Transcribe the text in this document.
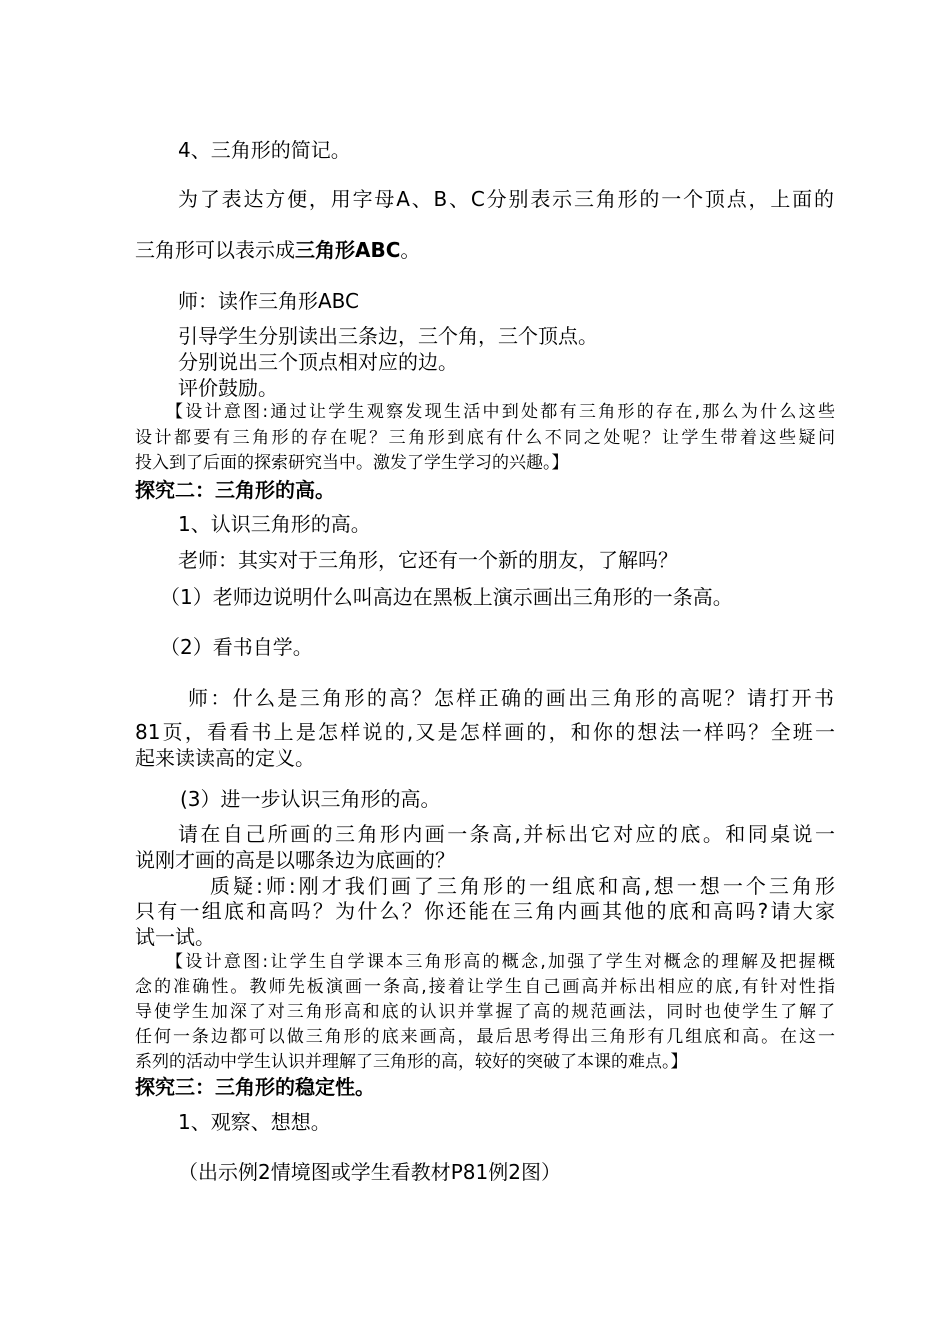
4、三角形的简记。
为了表达方便，用字母A、B、C分别表示三角形的一个顶点，上面的
三角形可以表示成三角形ABC。
师：读作三角形ABC
引导学生分别读出三条边，三个角，三个顶点。
分别说出三个顶点相对应的边。
评价鼓励。
【设计意图:通过让学生观察发现生活中到处都有三角形的存在,那么为什么这些
设计都要有三角形的存在呢？三角形到底有什么不同之处呢？让学生带着这些疑问
投入到了后面的探索研究当中。激发了学生学习的兴趣。】
探究二：三角形的高。
1、认识三角形的高。
老师：其实对于三角形，它还有一个新的朋友，了解吗？
（1）老师边说明什么叫高边在黑板上演示画出三角形的一条高。
（2）看书自学。
师：什么是三角形的高？怎样正确的画出三角形的高呢？请打开书
81页，看看书上是怎样说的,又是怎样画的，和你的想法一样吗？全班一
起来读读高的定义。
(3）进一步认识三角形的高。
请在自己所画的三角形内画一条高,并标出它对应的底。和同桌说一
说刚才画的高是以哪条边为底画的？
质疑:师:刚才我们画了三角形的一组底和高,想一想一个三角形
只有一组底和高吗？为什么？你还能在三角内画其他的底和高吗?请大家
试一试。
【设计意图:让学生自学课本三角形高的概念,加强了学生对概念的理解及把握概
念的准确性。教师先板演画一条高,接着让学生自己画高并标出相应的底,有针对性指
导使学生加深了对三角形高和底的认识并掌握了高的规范画法，同时也使学生了解了
任何一条边都可以做三角形的底来画高，最后思考得出三角形有几组底和高。在这一
系列的活动中学生认识并理解了三角形的高，较好的突破了本课的难点。】
探究三：三角形的稳定性。
1、观察、想想。
（出示例2情境图或学生看教材P81例2图）
